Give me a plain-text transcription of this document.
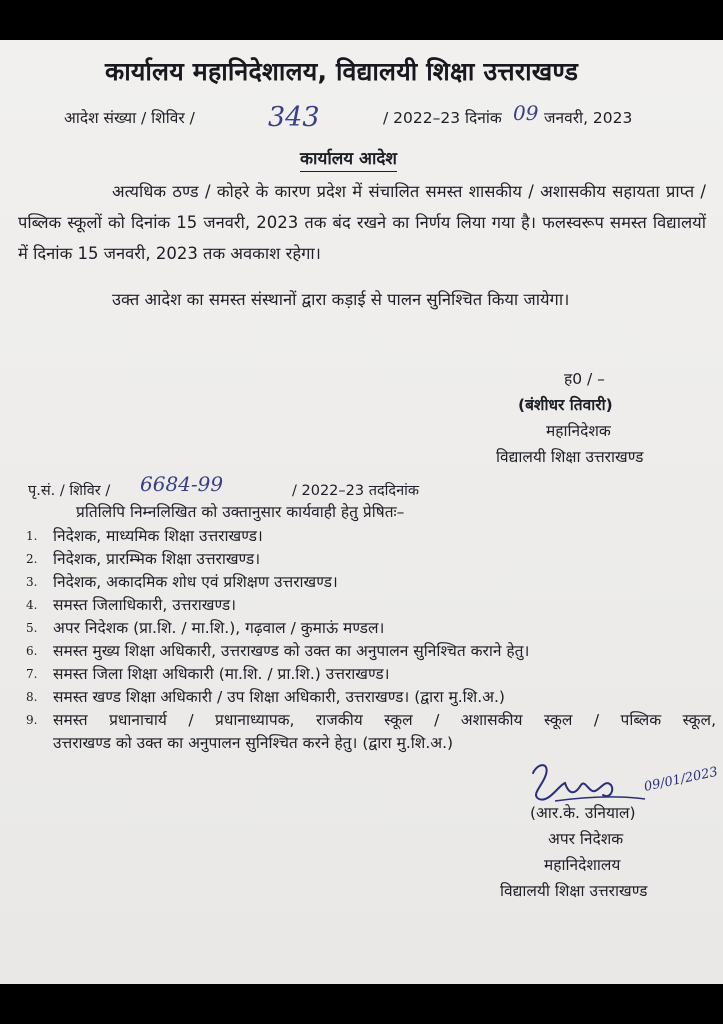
कार्यालय महानिदेशालय, विद्यालयी शिक्षा उत्तराखण्ड
आदेश संख्या / शिविर /	343	/ 2022–23 दिनांक 09 जनवरी, 2023
कार्यालय आदेश
अत्यधिक ठण्ड / कोहरे के कारण प्रदेश में संचालित समस्त शासकीय / अशासकीय सहायता प्राप्त / पब्लिक स्कूलों को दिनांक 15 जनवरी, 2023 तक बंद रखने का निर्णय लिया गया है। फलस्वरूप समस्त विद्यालयों में दिनांक 15 जनवरी, 2023 तक अवकाश रहेगा।
उक्त आदेश का समस्त संस्थानों द्वारा कड़ाई से पालन सुनिश्चित किया जायेगा।
ह0 / –
(बंशीधर तिवारी)
महानिदेशक
विद्यालयी शिक्षा उत्तराखण्ड
पृ.सं. / शिविर / 6684-99	/ 2022–23 तददिनांक
प्रतिलिपि निम्नलिखित को उक्तानुसार कार्यवाही हेतु प्रेषितः–
1. निदेशक, माध्यमिक शिक्षा उत्तराखण्ड।
2. निदेशक, प्रारम्भिक शिक्षा उत्तराखण्ड।
3. निदेशक, अकादमिक शोध एवं प्रशिक्षण उत्तराखण्ड।
4. समस्त जिलाधिकारी, उत्तराखण्ड।
5. अपर निदेशक (प्रा.शि. / मा.शि.), गढ़वाल / कुमाऊं मण्डल।
6. समस्त मुख्य शिक्षा अधिकारी, उत्तराखण्ड को उक्त का अनुपालन सुनिश्चित कराने हेतु।
7. समस्त जिला शिक्षा अधिकारी (मा.शि. / प्रा.शि.) उत्तराखण्ड।
8. समस्त खण्ड शिक्षा अधिकारी / उप शिक्षा अधिकारी, उत्तराखण्ड। (द्वारा मु.शि.अ.)
9. समस्त प्रधानाचार्य / प्रधानाध्यापक, राजकीय स्कूल / अशासकीय स्कूल / पब्लिक स्कूल,
उत्तराखण्ड को उक्त का अनुपालन सुनिश्चित करने हेतु। (द्वारा मु.शि.अ.)
09/01/2023
(आर.के. उनियाल)
अपर निदेशक
महानिदेशालय
विद्यालयी शिक्षा उत्तराखण्ड
